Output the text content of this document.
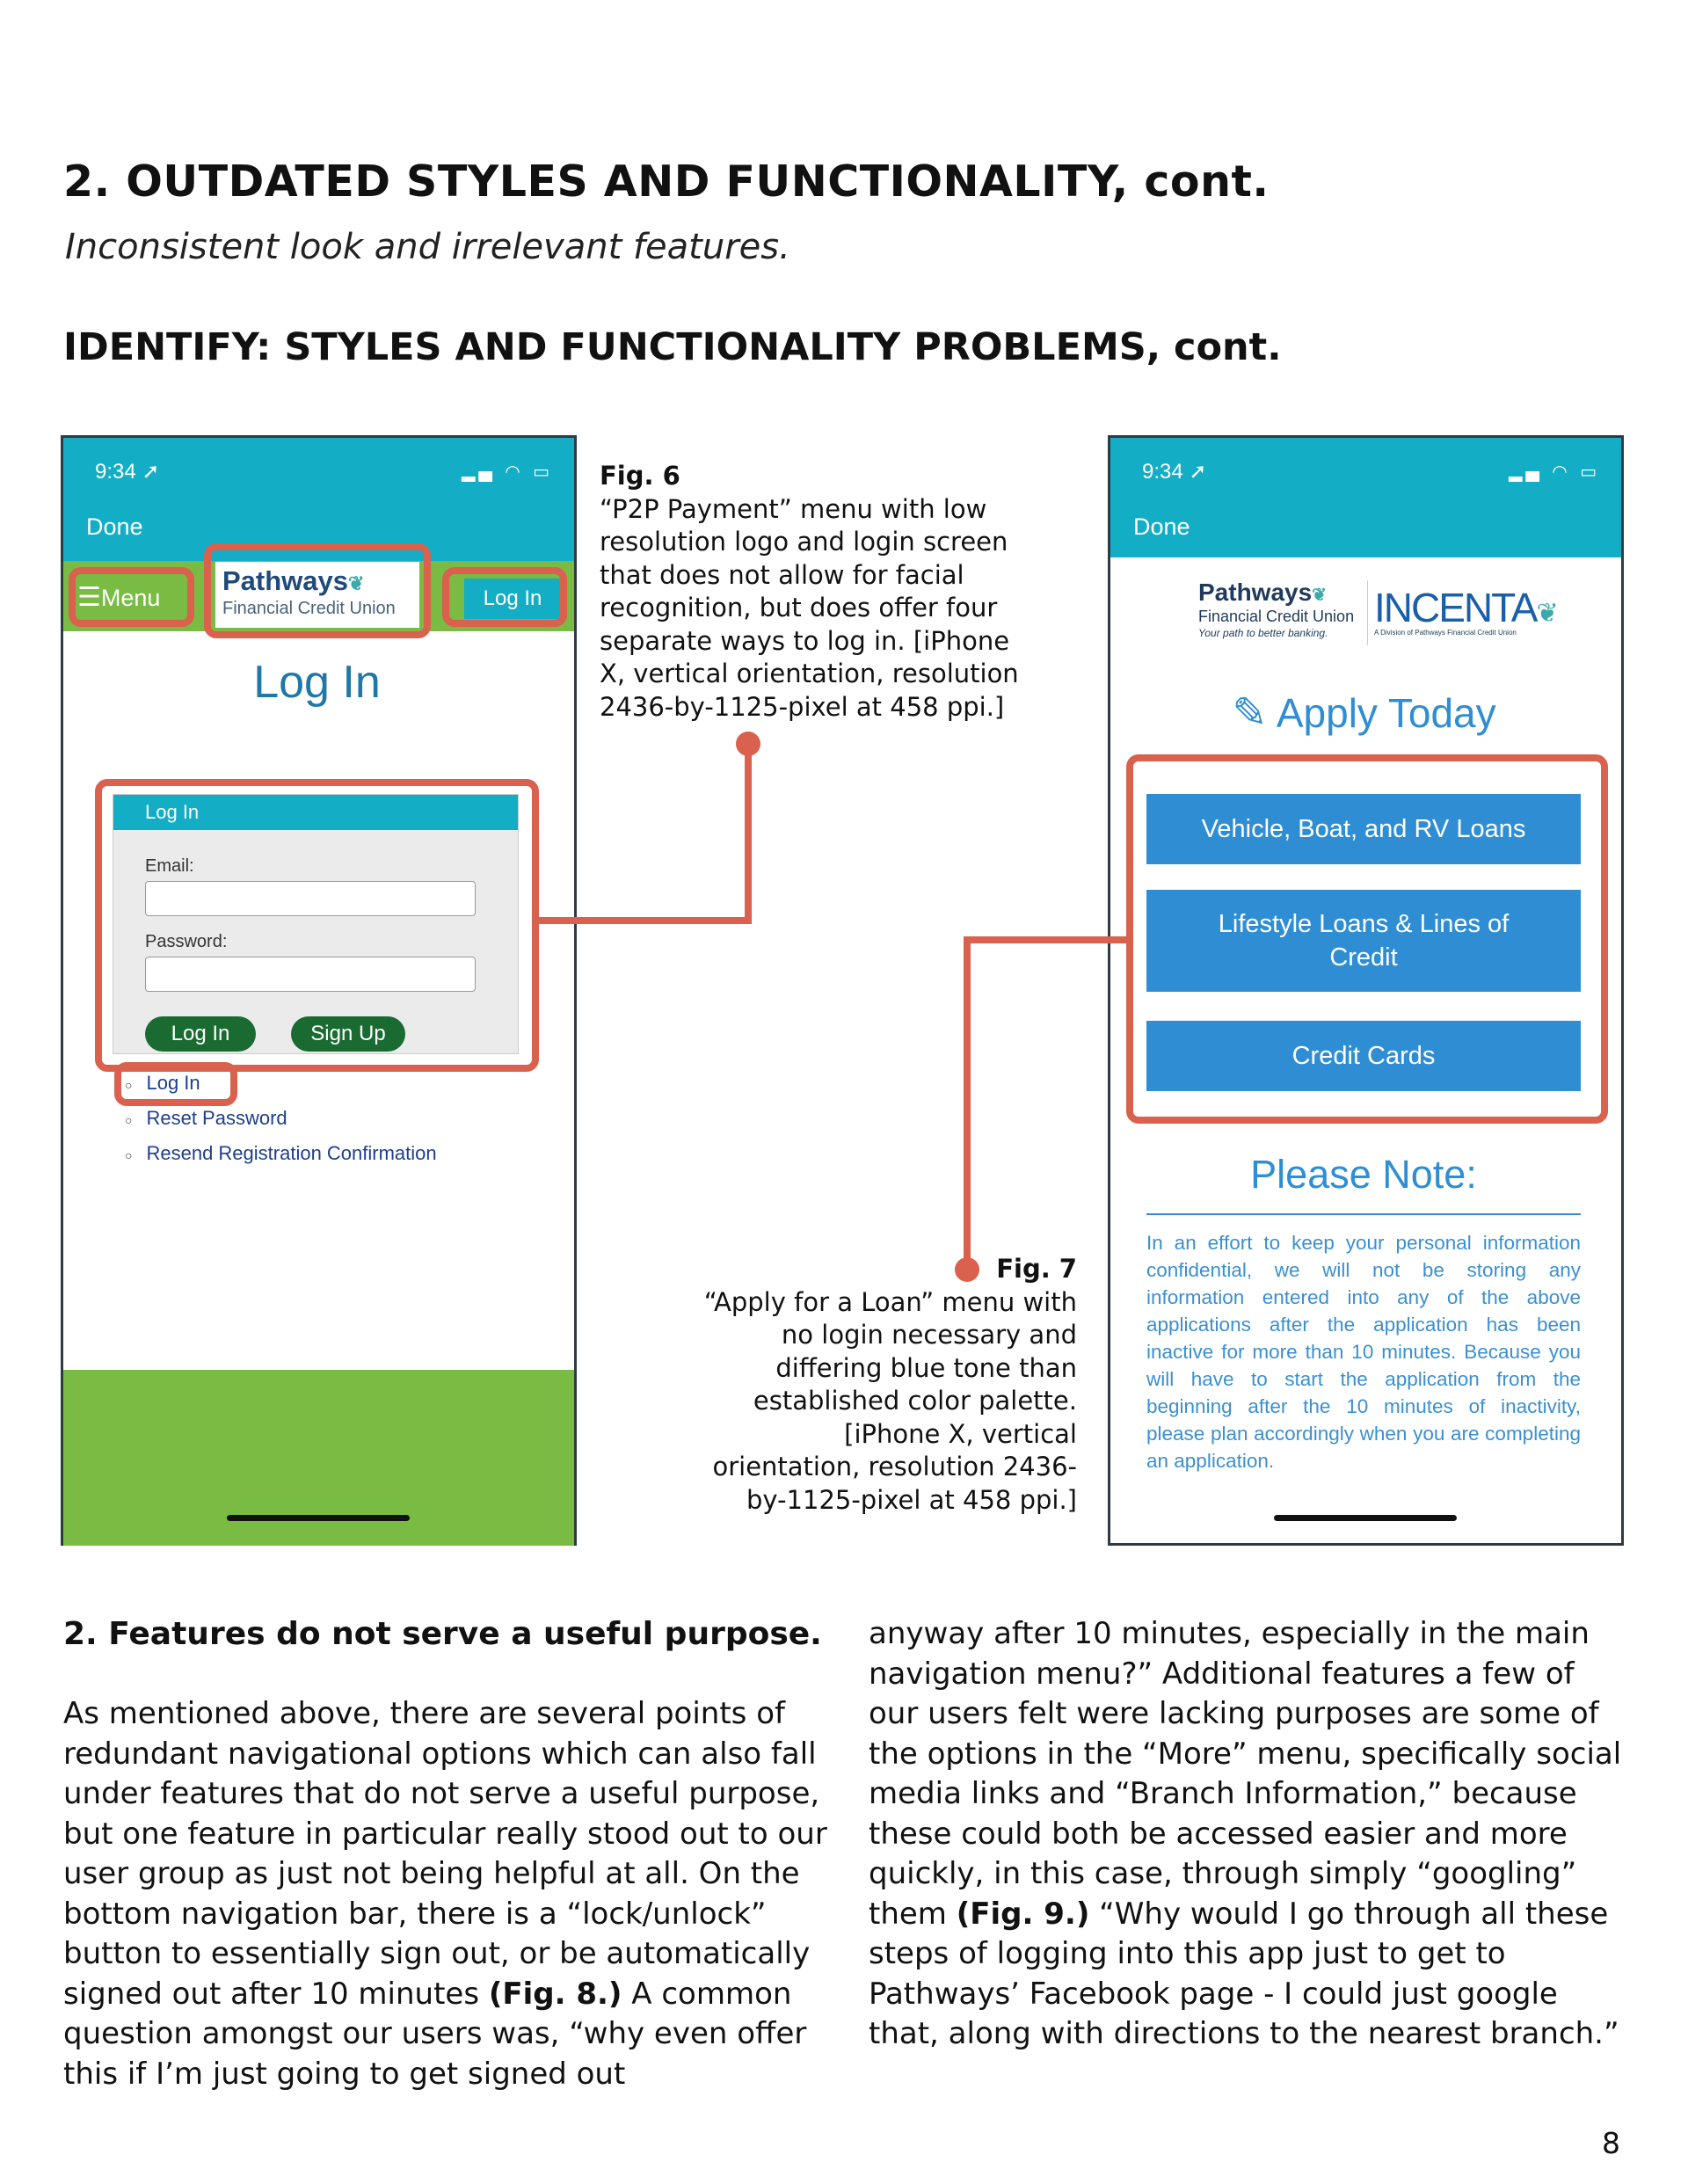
2. OUTDATED STYLES AND FUNCTIONALITY, cont.
Inconsistent look and irrelevant features.
IDENTIFY: STYLES AND FUNCTIONALITY PROBLEMS, cont.
9:34 ➚	▂▄ ◠ ▭
Done
☰Menu
Pathways❦
Financial Credit Union	Log In
Log In
Log In
Email:
Password:
Log In	Sign Up
○ Log In
○ Reset Password
○ Resend Registration Confirmation
Fig. 6
“P2P Payment” menu with low resolution logo and login screen that does not allow for facial recognition, but does offer four separate ways to log in. [iPhone X, vertical orientation, resolution 2436-by-1125-pixel at 458 ppi.]
9:34 ➚	▂▄ ◠ ▭
Done
Pathways❦
Financial Credit Union
Your path to better banking.
INCENTA❦
A Division of Pathways Financial Credit Union
✎ Apply Today
Vehicle, Boat, and RV Loans
Lifestyle Loans & Lines of Credit
Credit Cards
Please Note:
In an effort to keep your personal information confidential, we will not be storing any information entered into any of the above applications after the application has been inactive for more than 10 minutes. Because you will have to start the application from the beginning after the 10 minutes of inactivity, please plan accordingly when you are completing an application.
Fig. 7
“Apply for a Loan” menu with no login necessary and differing blue tone than established color palette. [iPhone X, vertical orientation, resolution 2436-by-1125-pixel at 458 ppi.]
2. Features do not serve a useful purpose.
As mentioned above, there are several points of redundant navigational options which can also fall under features that do not serve a useful purpose, but one feature in particular really stood out to our user group as just not being helpful at all. On the bottom navigation bar, there is a “lock/unlock” button to essentially sign out, or be automatically signed out after 10 minutes (Fig. 8.) A common question amongst our users was, “why even offer this if I’m just going to get signed out
anyway after 10 minutes, especially in the main navigation menu?” Additional features a few of our users felt were lacking purposes are some of the options in the “More” menu, specifically social media links and “Branch Information,” because these could both be accessed easier and more quickly, in this case, through simply “googling” them (Fig. 9.) “Why would I go through all these steps of logging into this app just to get to Pathways’ Facebook page - I could just google that, along with directions to the nearest branch.”
8
